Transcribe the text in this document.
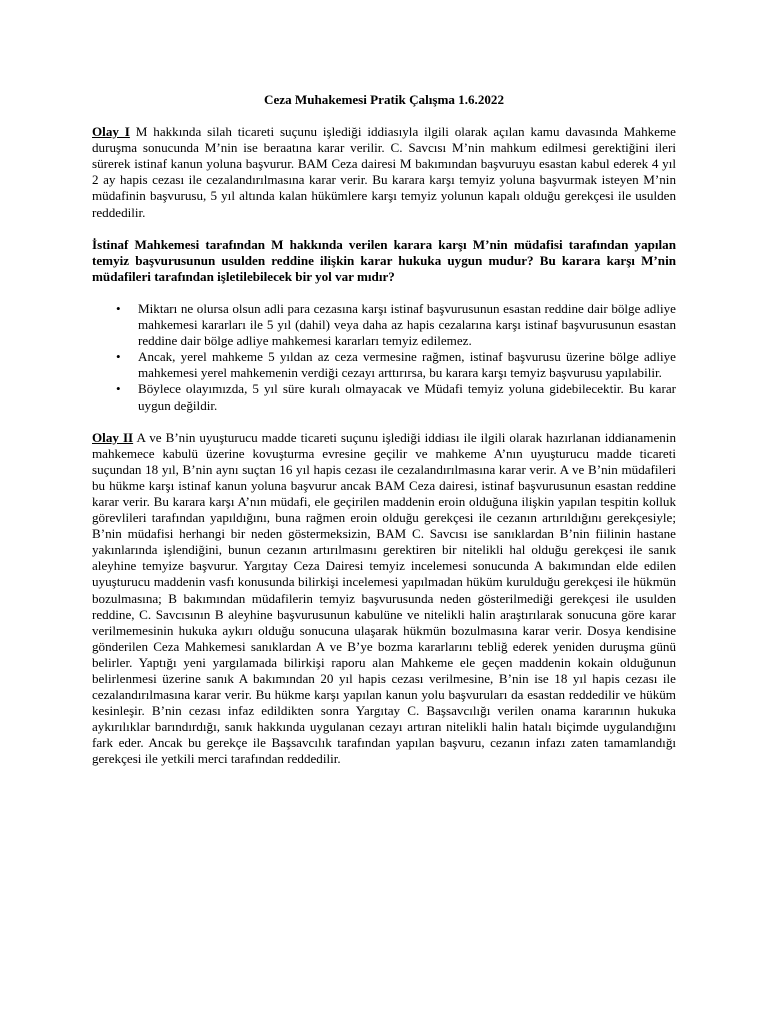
Ceza Muhakemesi Pratik Çalışma 1.6.2022

Olay I M hakkında silah ticareti suçunu işlediği iddiasıyla ilgili olarak açılan kamu davasında Mahkeme duruşma sonucunda M’nin ise beraatına karar verilir. C. Savcısı M’nin mahkum edilmesi gerektiğini ileri sürerek istinaf kanun yoluna başvurur. BAM Ceza dairesi M bakımından başvuruyu esastan kabul ederek 4 yıl 2 ay hapis cezası ile cezalandırılmasına karar verir. Bu karara karşı temyiz yoluna başvurmak isteyen M’nin müdafinin başvurusu, 5 yıl altında kalan hükümlere karşı temyiz yolunun kapalı olduğu gerekçesi ile usulden reddedilir.

İstinaf Mahkemesi tarafından M hakkında verilen karara karşı M’nin müdafisi tarafından yapılan temyiz başvurusunun usulden reddine ilişkin karar hukuka uygun mudur? Bu karara karşı M’nin müdafileri tarafından işletilebilecek bir yol var mıdır?

• Miktarı ne olursa olsun adli para cezasına karşı istinaf başvurusunun esastan reddine dair bölge adliye mahkemesi kararları ile 5 yıl (dahil) veya daha az hapis cezalarına karşı istinaf başvurusunun esastan reddine dair bölge adliye mahkemesi kararları temyiz edilemez.
• Ancak, yerel mahkeme 5 yıldan az ceza vermesine rağmen, istinaf başvurusu üzerine bölge adliye mahkemesi yerel mahkemenin verdiği cezayı arttırırsa, bu karara karşı temyiz başvurusu yapılabilir.
• Böylece olayımızda, 5 yıl süre kuralı olmayacak ve Müdafi temyiz yoluna gidebilecektir. Bu karar uygun değildir.

Olay II A ve B’nin uyuşturucu madde ticareti suçunu işlediği iddiası ile ilgili olarak hazırlanan iddianamenin mahkemece kabulü üzerine kovuşturma evresine geçilir ve mahkeme A’nın uyuşturucu madde ticareti suçundan 18 yıl, B’nin aynı suçtan 16 yıl hapis cezası ile cezalandırılmasına karar verir. A ve B’nin müdafileri bu hükme karşı istinaf kanun yoluna başvurur ancak BAM Ceza dairesi, istinaf başvurusunun esastan reddine karar verir. Bu karara karşı A’nın müdafi, ele geçirilen maddenin eroin olduğuna ilişkin yapılan tespitin kolluk görevlileri tarafından yapıldığını, buna rağmen eroin olduğu gerekçesi ile cezanın artırıldığını gerekçesiyle; B’nin müdafisi herhangi bir neden göstermeksizin, BAM C. Savcısı ise sanıklardan B’nin fiilinin hastane yakınlarında işlendiğini, bunun cezanın artırılmasını gerektiren bir nitelikli hal olduğu gerekçesi ile sanık aleyhine temyize başvurur. Yargıtay Ceza Dairesi temyiz incelemesi sonucunda A bakımından elde edilen uyuşturucu maddenin vasfı konusunda bilirkişi incelemesi yapılmadan hüküm kurulduğu gerekçesi ile hükmün bozulmasına; B bakımından müdafilerin temyiz başvurusunda neden gösterilmediği gerekçesi ile usulden reddine, C. Savcısının B aleyhine başvurusunun kabulüne ve nitelikli halin araştırılarak sonucuna göre karar verilmemesinin hukuka aykırı olduğu sonucuna ulaşarak hükmün bozulmasına karar verir. Dosya kendisine gönderilen Ceza Mahkemesi sanıklardan A ve B’ye bozma kararlarını tebliğ ederek yeniden duruşma günü belirler. Yaptığı yeni yargılamada bilirkişi raporu alan Mahkeme ele geçen maddenin kokain olduğunun belirlenmesi üzerine sanık A bakımından 20 yıl hapis cezası verilmesine, B’nin ise 18 yıl hapis cezası ile cezalandırılmasına karar verir. Bu hükme karşı yapılan kanun yolu başvuruları da esastan reddedilir ve hüküm kesinleşir. B’nin cezası infaz edildikten sonra Yargıtay C. Başsavcılığı verilen onama kararının hukuka aykırılıklar barındırdığı, sanık hakkında uygulanan cezayı artıran nitelikli halin hatalı biçimde uygulandığını fark eder. Ancak bu gerekçe ile Başsavcılık tarafından yapılan başvuru, cezanın infazı zaten tamamlandığı gerekçesi ile yetkili merci tarafından reddedilir.
